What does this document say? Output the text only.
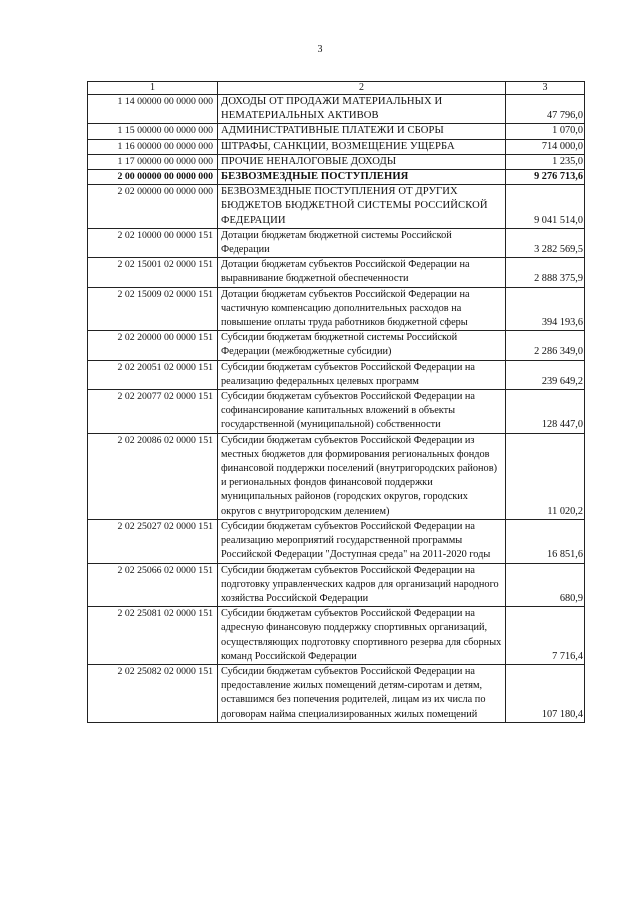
3
1	2	3
1 14 00000 00 0000 000	ДОХОДЫ ОТ ПРОДАЖИ МАТЕРИАЛЬНЫХ И НЕМАТЕРИАЛЬНЫХ АКТИВОВ	47 796,0
1 15 00000 00 0000 000	АДМИНИСТРАТИВНЫЕ ПЛАТЕЖИ И СБОРЫ	1 070,0
1 16 00000 00 0000 000	ШТРАФЫ, САНКЦИИ, ВОЗМЕЩЕНИЕ УЩЕРБА	714 000,0
1 17 00000 00 0000 000	ПРОЧИЕ НЕНАЛОГОВЫЕ ДОХОДЫ	1 235,0
2 00 00000 00 0000 000	БЕЗВОЗМЕЗДНЫЕ ПОСТУПЛЕНИЯ	9 276 713,6
2 02 00000 00 0000 000	БЕЗВОЗМЕЗДНЫЕ ПОСТУПЛЕНИЯ ОТ ДРУГИХ БЮДЖЕТОВ БЮДЖЕТНОЙ СИСТЕМЫ РОССИЙСКОЙ ФЕДЕРАЦИИ	9 041 514,0
2 02 10000 00 0000 151	Дотации бюджетам бюджетной системы Российской Федерации	3 282 569,5
2 02 15001 02 0000 151	Дотации бюджетам субъектов Российской Федерации на выравнивание бюджетной обеспеченности	2 888 375,9
2 02 15009 02 0000 151	Дотации бюджетам субъектов Российской Федерации на частичную компенсацию дополнительных расходов на повышение оплаты труда работников бюджетной сферы	394 193,6
2 02 20000 00 0000 151	Субсидии бюджетам бюджетной системы Российской Федерации (межбюджетные субсидии)	2 286 349,0
2 02 20051 02 0000 151	Субсидии бюджетам субъектов Российской Федерации на реализацию федеральных целевых программ	239 649,2
2 02 20077 02 0000 151	Субсидии бюджетам субъектов Российской Федерации на софинансирование капитальных вложений в объекты государственной (муниципальной) собственности	128 447,0
2 02 20086 02 0000 151	Субсидии бюджетам субъектов Российской Федерации из местных бюджетов для формирования региональных фондов финансовой поддержки поселений (внутригородских районов) и региональных фондов финансовой поддержки муниципальных районов (городских округов, городских округов с внутригородским делением)	11 020,2
2 02 25027 02 0000 151	Субсидии бюджетам субъектов Российской Федерации на реализацию мероприятий государственной программы Российской Федерации "Доступная среда" на 2011-2020 годы	16 851,6
2 02 25066 02 0000 151	Субсидии бюджетам субъектов Российской Федерации на подготовку управленческих кадров для организаций народного хозяйства Российской Федерации	680,9
2 02 25081 02 0000 151	Субсидии бюджетам субъектов Российской Федерации на адресную финансовую поддержку спортивных организаций, осуществляющих подготовку спортивного резерва для сборных команд Российской Федерации	7 716,4
2 02 25082 02 0000 151	Субсидии бюджетам субъектов Российской Федерации на предоставление жилых помещений детям-сиротам и детям, оставшимся без попечения родителей, лицам из их числа по договорам найма специализированных жилых помещений	107 180,4
